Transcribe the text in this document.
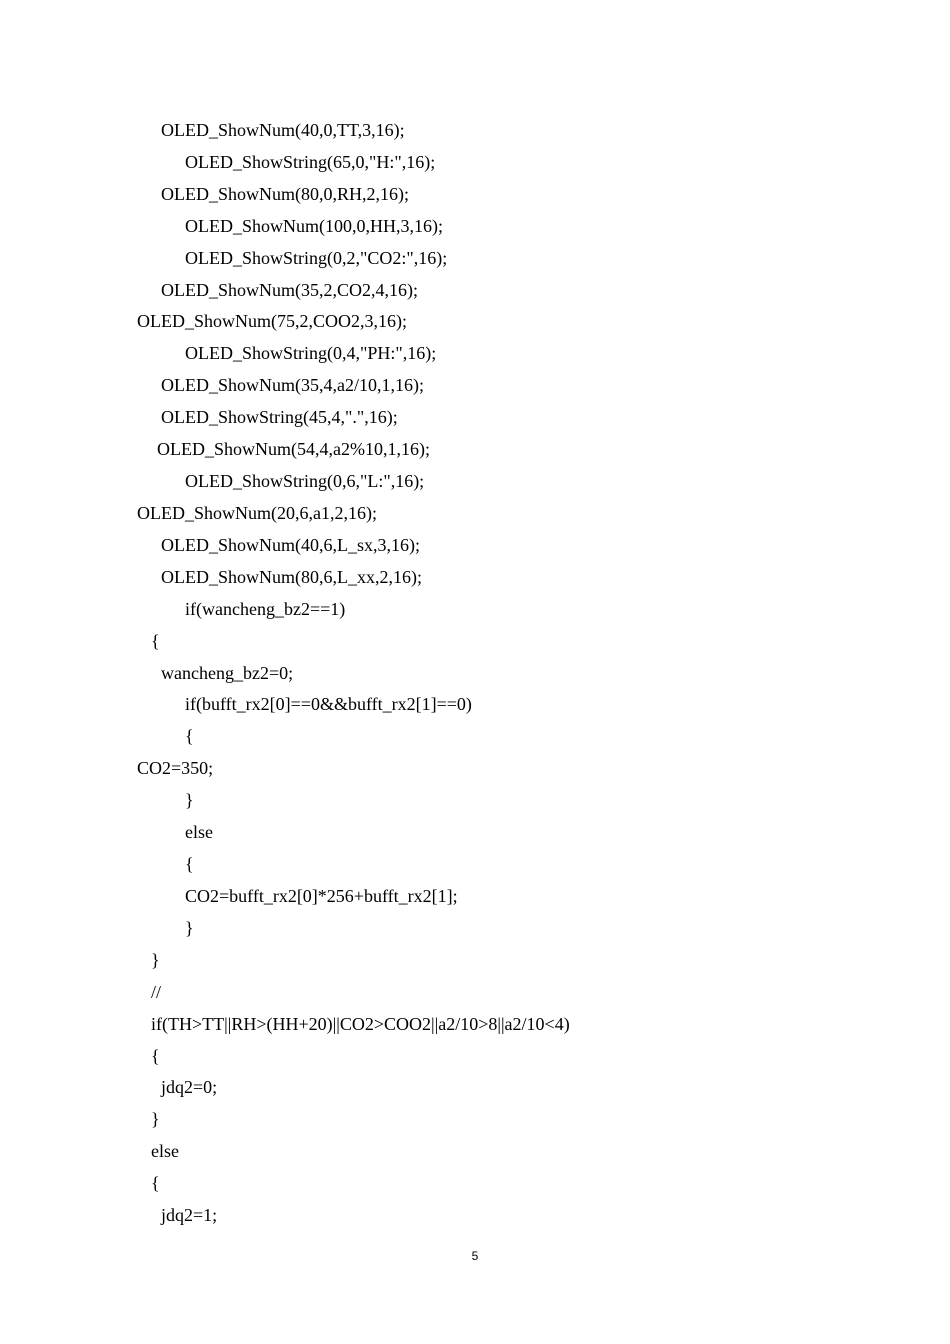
OLED_ShowNum(40,0,TT,3,16);
OLED_ShowString(65,0,"H:",16);
OLED_ShowNum(80,0,RH,2,16);
OLED_ShowNum(100,0,HH,3,16);
OLED_ShowString(0,2,"CO2:",16);
OLED_ShowNum(35,2,CO2,4,16);
OLED_ShowNum(75,2,COO2,3,16);
OLED_ShowString(0,4,"PH:",16);
OLED_ShowNum(35,4,a2/10,1,16);
OLED_ShowString(45,4,".",16);
OLED_ShowNum(54,4,a2%10,1,16);
OLED_ShowString(0,6,"L:",16);
OLED_ShowNum(20,6,a1,2,16);
OLED_ShowNum(40,6,L_sx,3,16);
OLED_ShowNum(80,6,L_xx,2,16);
if(wancheng_bz2==1)
{
wancheng_bz2=0;
if(bufft_rx2[0]==0&&bufft_rx2[1]==0)
{
CO2=350;
}
else
{
CO2=bufft_rx2[0]*256+bufft_rx2[1];
}
}
//
if(TH>TT||RH>(HH+20)||CO2>COO2||a2/10>8||a2/10<4)
{
jdq2=0;
}
else
{
jdq2=1;
5
